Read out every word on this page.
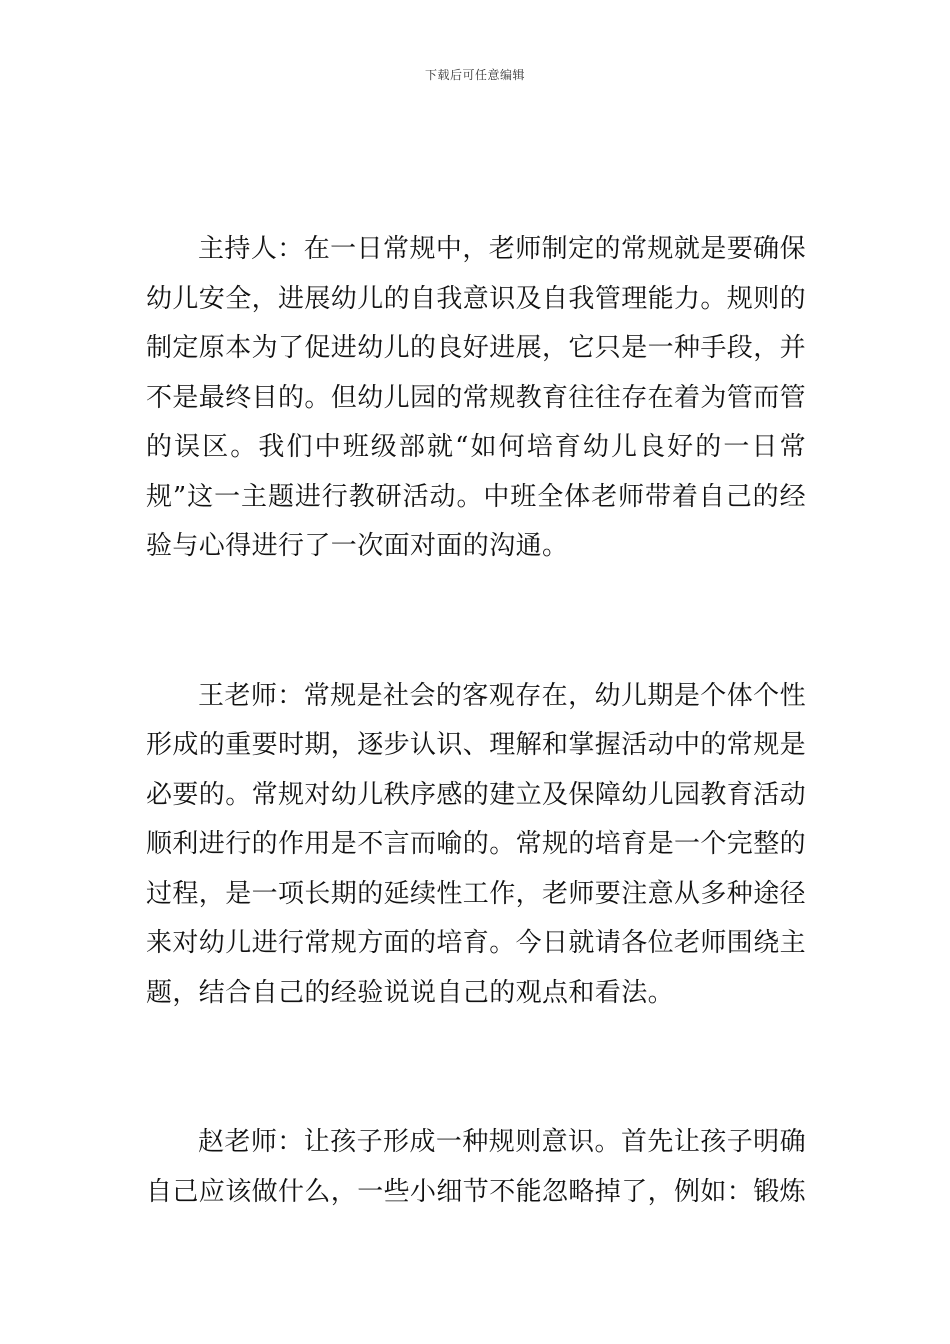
下载后可任意编辑

主持人：在一日常规中，老师制定的常规就是要确保幼儿安全，进展幼儿的自我意识及自我管理能力。规则的制定原本为了促进幼儿的良好进展，它只是一种手段，并不是最终目的。但幼儿园的常规教育往往存在着为管而管的误区。我们中班级部就“如何培育幼儿良好的一日常规”这一主题进行教研活动。中班全体老师带着自己的经验与心得进行了一次面对面的沟通。

王老师：常规是社会的客观存在，幼儿期是个体个性形成的重要时期，逐步认识、理解和掌握活动中的常规是必要的。常规对幼儿秩序感的建立及保障幼儿园教育活动顺利进行的作用是不言而喻的。常规的培育是一个完整的过程，是一项长期的延续性工作，老师要注意从多种途径来对幼儿进行常规方面的培育。今日就请各位老师围绕主题，结合自己的经验说说自己的观点和看法。

赵老师：让孩子形成一种规则意识。首先让孩子明确自己应该做什么，一些小细节不能忽略掉了，例如：锻炼
